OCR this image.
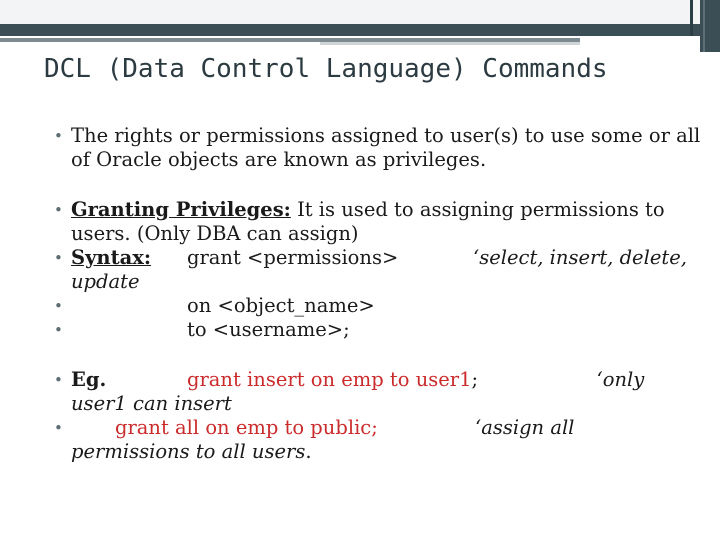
DCL (Data Control Language) Commands
• The rights or permissions assigned to user(s) to use some or all of Oracle objects are known as privileges.
• Granting Privileges: It is used to assigning permissions to users. (Only DBA can assign)
• Syntax: grant <permissions>	‘select, insert, delete,
update
•	on <object_name>
•	to <username>;
• Eg.	grant insert on emp to user1;	‘only
user1 can insert
•	grant all on emp to public;	‘assign all
permissions to all users.
